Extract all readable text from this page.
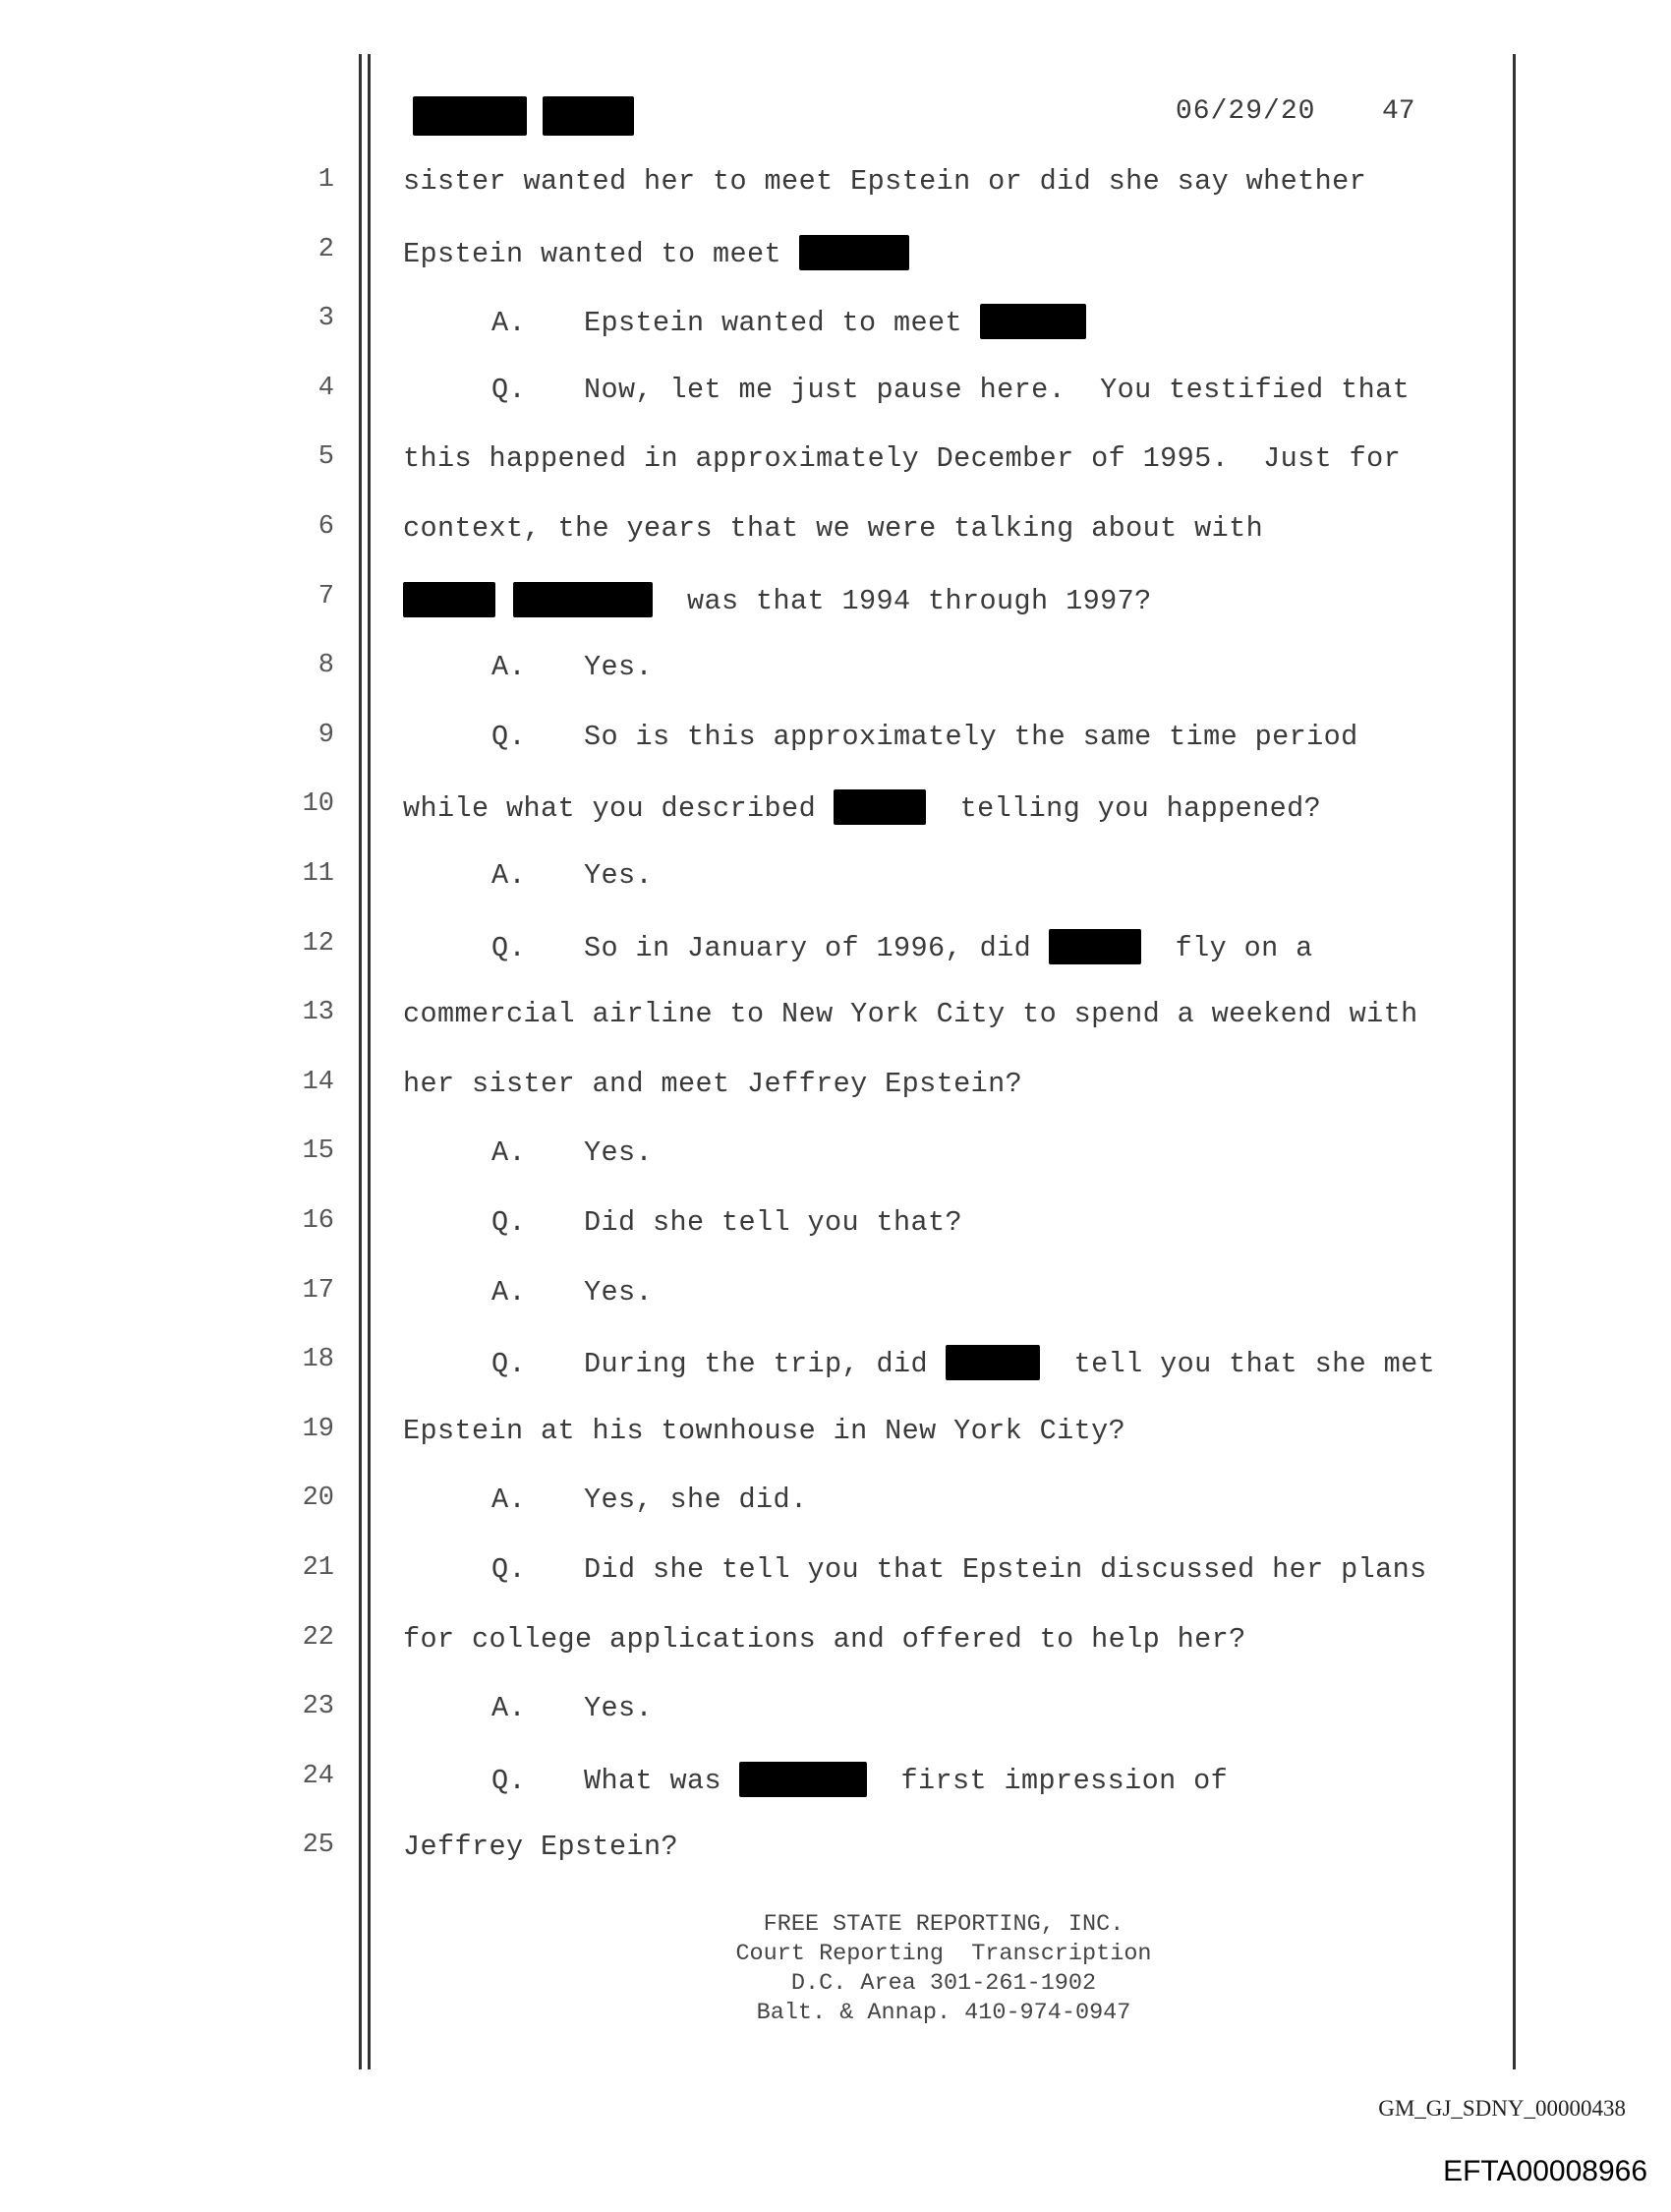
06/29/20 47
1 sister wanted her to meet Epstein or did she say whether
2 Epstein wanted to meet
3	A. Epstein wanted to meet
4	Q. Now, let me just pause here.  You testified that
5 this happened in approximately December of 1995.  Just for
6 context, the years that we were talking about with
7	was that 1994 through 1997?
8	A. Yes.
9	Q. So is this approximately the same time period
10 while what you described	telling you happened?
11	A. Yes.
12	Q. So in January of 1996, did	fly on a
13 commercial airline to New York City to spend a weekend with
14 her sister and meet Jeffrey Epstein?
15	A. Yes.
16	Q. Did she tell you that?
17	A. Yes.
18	Q. During the trip, did	tell you that she met
19 Epstein at his townhouse in New York City?
20	A. Yes, she did.
21	Q. Did she tell you that Epstein discussed her plans
22 for college applications and offered to help her?
23	A. Yes.
24	Q. What was	first impression of
25 Jeffrey Epstein?
FREE STATE REPORTING, INC.
Court Reporting  Transcription
D.C. Area 301-261-1902
Balt. & Annap. 410-974-0947
GM_GJ_SDNY_00000438
EFTA00008966
